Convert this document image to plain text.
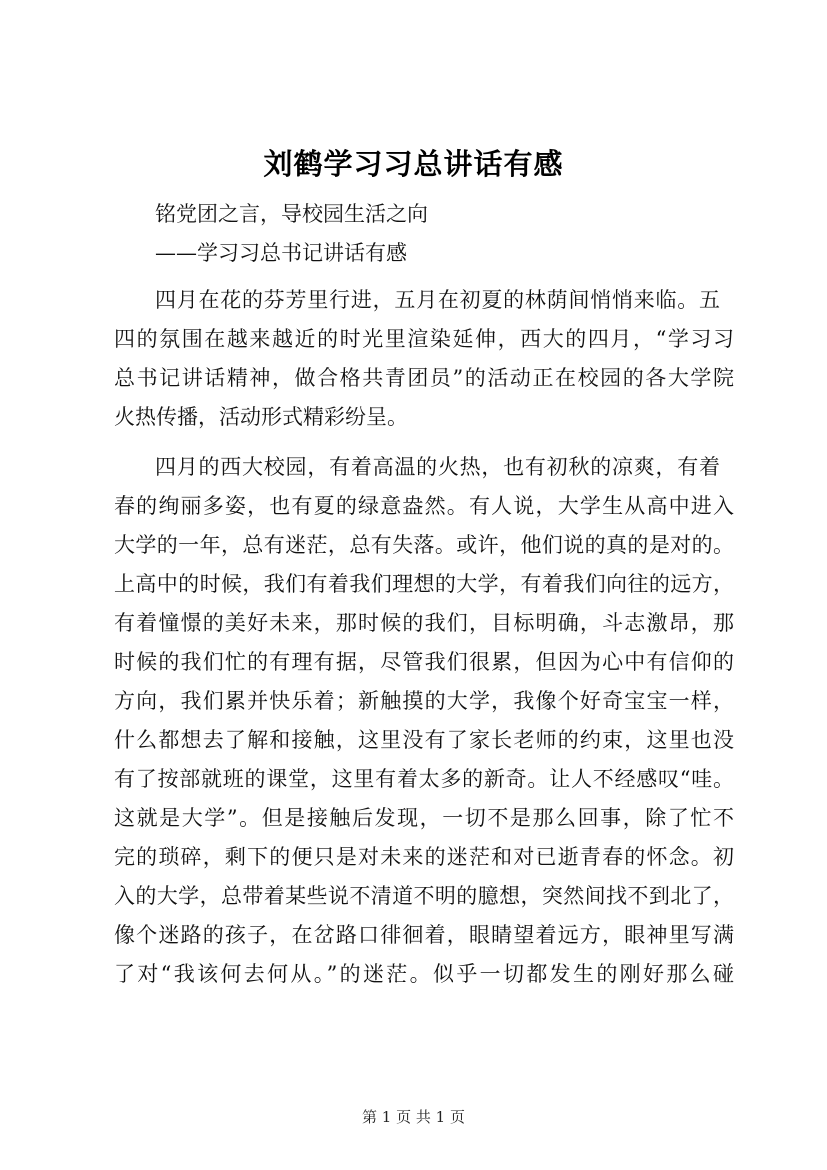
刘鹤学习习总讲话有感
铭党团之言，导校园生活之向
——学习习总书记讲话有感
四月在花的芬芳里行进，五月在初夏的林荫间悄悄来临。五
四的氛围在越来越近的时光里渲染延伸，西大的四月，“学习习
总书记讲话精神，做合格共青团员”的活动正在校园的各大学院
火热传播，活动形式精彩纷呈。
四月的西大校园，有着高温的火热，也有初秋的凉爽，有着
春的绚丽多姿，也有夏的绿意盎然。有人说，大学生从高中进入
大学的一年，总有迷茫，总有失落。或许，他们说的真的是对的。
上高中的时候，我们有着我们理想的大学，有着我们向往的远方，
有着憧憬的美好未来，那时候的我们，目标明确，斗志激昂，那
时候的我们忙的有理有据，尽管我们很累，但因为心中有信仰的
方向，我们累并快乐着；新触摸的大学，我像个好奇宝宝一样，
什么都想去了解和接触，这里没有了家长老师的约束，这里也没
有了按部就班的课堂，这里有着太多的新奇。让人不经感叹“哇。
这就是大学”。但是接触后发现，一切不是那么回事，除了忙不
完的琐碎，剩下的便只是对未来的迷茫和对已逝青春的怀念。初
入的大学，总带着某些说不清道不明的臆想，突然间找不到北了，
像个迷路的孩子，在岔路口徘徊着，眼睛望着远方，眼神里写满
了对“我该何去何从。”的迷茫。似乎一切都发生的刚好那么碰
第 1 页 共 1 页
